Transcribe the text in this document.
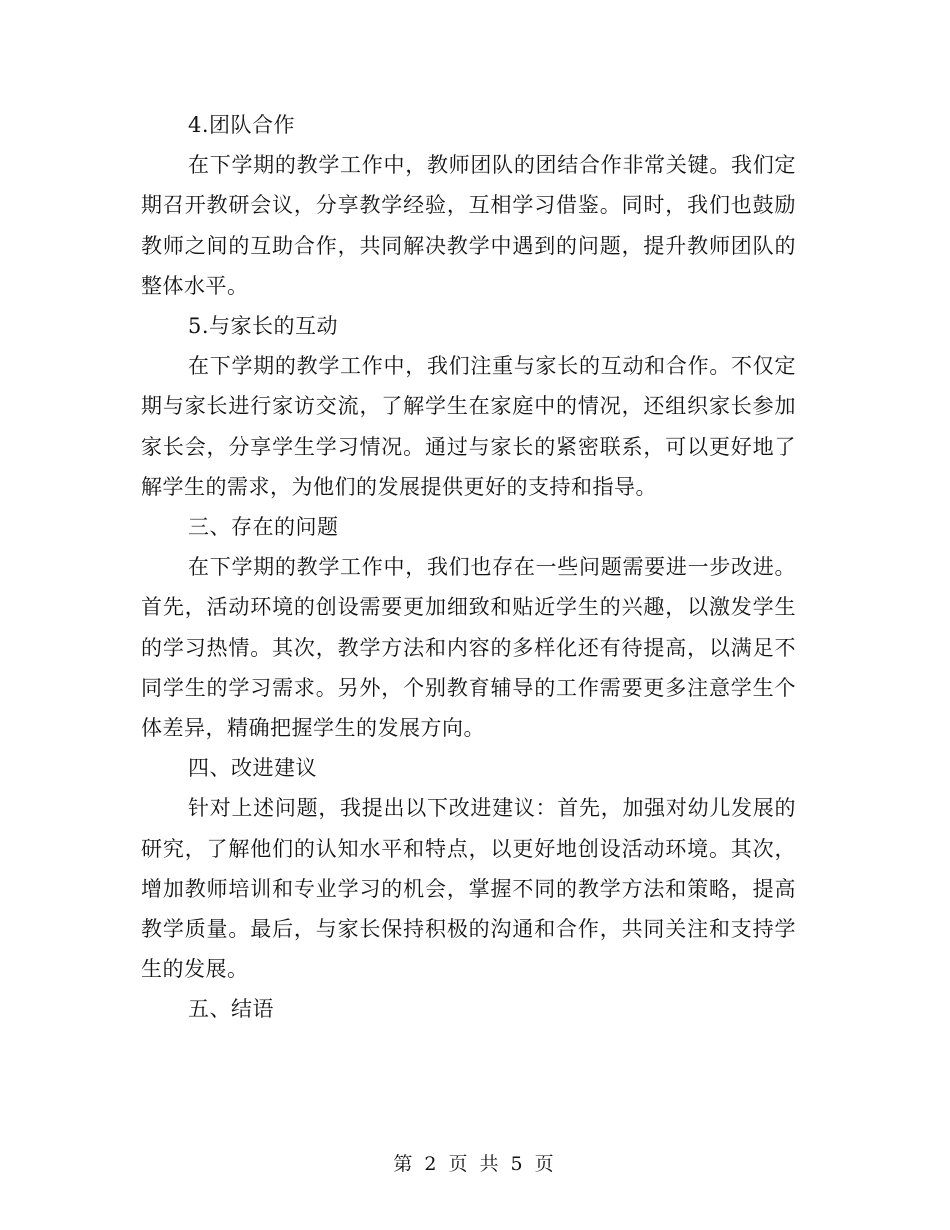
4.团队合作

在下学期的教学工作中，教师团队的团结合作非常关键。我们定期召开教研会议，分享教学经验，互相学习借鉴。同时，我们也鼓励教师之间的互助合作，共同解决教学中遇到的问题，提升教师团队的整体水平。

5.与家长的互动

在下学期的教学工作中，我们注重与家长的互动和合作。不仅定期与家长进行家访交流，了解学生在家庭中的情况，还组织家长参加家长会，分享学生学习情况。通过与家长的紧密联系，可以更好地了解学生的需求，为他们的发展提供更好的支持和指导。

三、存在的问题

在下学期的教学工作中，我们也存在一些问题需要进一步改进。首先，活动环境的创设需要更加细致和贴近学生的兴趣，以激发学生的学习热情。其次，教学方法和内容的多样化还有待提高，以满足不同学生的学习需求。另外，个别教育辅导的工作需要更多注意学生个体差异，精确把握学生的发展方向。

四、改进建议

针对上述问题，我提出以下改进建议：首先，加强对幼儿发展的研究，了解他们的认知水平和特点，以更好地创设活动环境。其次，增加教师培训和专业学习的机会，掌握不同的教学方法和策略，提高教学质量。最后，与家长保持积极的沟通和合作，共同关注和支持学生的发展。

五、结语

第 2 页 共 5 页
